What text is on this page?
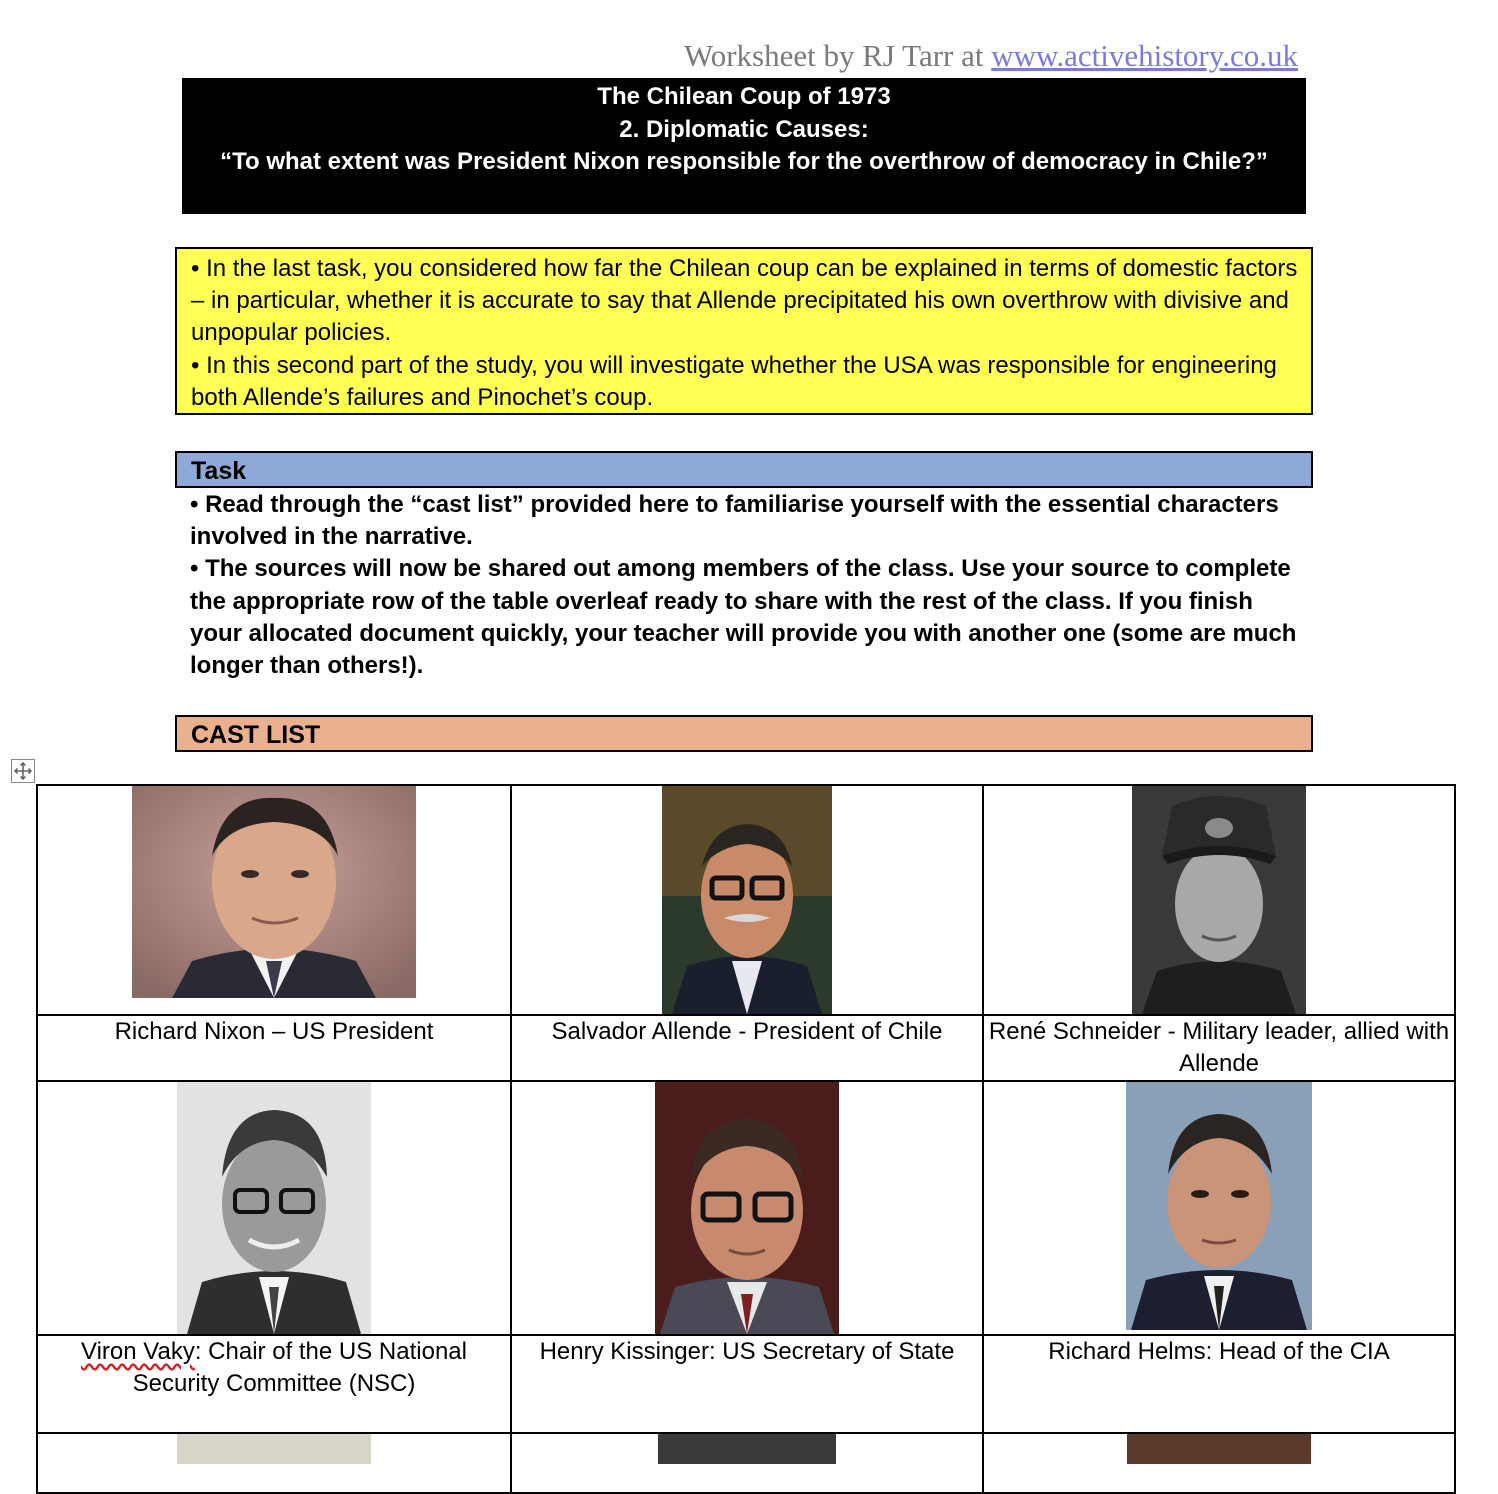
Worksheet by RJ Tarr at www.activehistory.co.uk
The Chilean Coup of 1973
2. Diplomatic Causes:
“To what extent was President Nixon responsible for the overthrow of democracy in Chile?”
• In the last task, you considered how far the Chilean coup can be explained in terms of domestic factors – in particular, whether it is accurate to say that Allende precipitated his own overthrow with divisive and unpopular policies.
• In this second part of the study, you will investigate whether the USA was responsible for engineering both Allende’s failures and Pinochet’s coup.
Task
• Read through the “cast list” provided here to familiarise yourself with the essential characters involved in the narrative.
• The sources will now be shared out among members of the class. Use your source to complete the appropriate row of the table overleaf ready to share with the rest of the class. If you finish your allocated document quickly, your teacher will provide you with another one (some are much longer than others!).
CAST LIST

Richard Nixon – US President	Salvador Allende - President of Chile	René Schneider - Military leader, allied with Allende

Viron Vaky: Chair of the US National Security Committee (NSC)	Henry Kissinger: US Secretary of State	Richard Helms: Head of the CIA
